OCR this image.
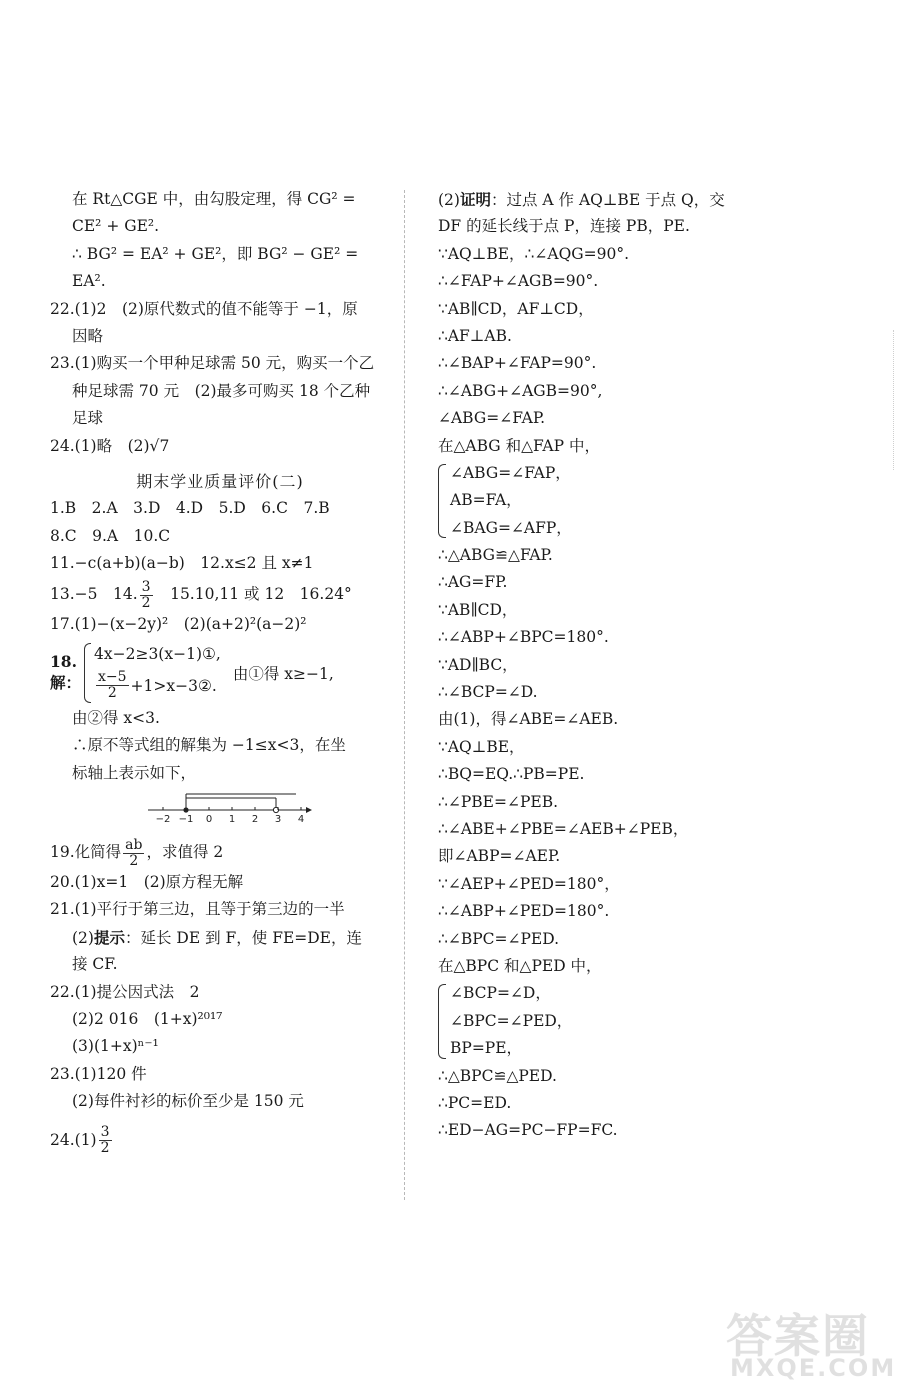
在 Rt△CGE 中，由勾股定理，得 CG² =
CE² + GE².
∴ BG² = EA² + GE²，即 BG² − GE² =
EA².
22.(1)2　(2)原代数式的值不能等于 −1，原
因略
23.(1)购买一个甲种足球需 50 元，购买一个乙
种足球需 70 元　(2)最多可购买 18 个乙种
足球
24.(1)略　(2)√7
期末学业质量评价(二)
1.B　2.A　3.D　4.D　5.D　6.C　7.B
8.C　9.A　10.C
11.−c(a+b)(a−b)　12.x≤2 且 x≠1
13.−5　14. $\frac{3}{2}$ 　15.10,11 或 12　16.24°
17.(1)−(x−2y)²　(2)(a+2)²(a−2)²
18.解：
4x−2≥3(x−1)①,
$\frac{x-5}{2}$ +1>x−3②.
由①得 x≥−1,
由②得 x<3.
∴原不等式组的解集为 −1≤x<3，在坐
标轴上表示如下，
−2 −1 0 1 2 3 4
19.化简得 $\frac{ab}{2}$ ，求值得 2
20.(1)x=1　(2)原方程无解
21.(1)平行于第三边，且等于第三边的一半
(2)提示：延长 DE 到 F，使 FE=DE，连
接 CF.
22.(1)提公因式法　2
(2)2 016　(1+x)²⁰¹⁷
(3)(1+x)ⁿ⁻¹
23.(1)120 件
(2)每件衬衫的标价至少是 150 元
$24.(1) \frac{3}{2}$
(2)证明：过点 A 作 AQ⊥BE 于点 Q，交
DF 的延长线于点 P，连接 PB，PE.
∵AQ⊥BE，∴∠AQG=90°.
∴∠FAP+∠AGB=90°.
∵AB∥CD，AF⊥CD，
∴AF⊥AB.
∴∠BAP+∠FAP=90°.
∴∠ABG+∠AGB=90°,
∠ABG=∠FAP.
在△ABG 和△FAP 中，
∠ABG=∠FAP，
AB=FA，
∠BAG=∠AFP，
∴△ABG≌△FAP.
∴AG=FP.
∵AB∥CD，
∴∠ABP+∠BPC=180°.
∵AD∥BC，
∴∠BCP=∠D.
由(1)，得∠ABE=∠AEB.
∵AQ⊥BE，
∴BQ=EQ.∴PB=PE.
∴∠PBE=∠PEB.
∴∠ABE+∠PBE=∠AEB+∠PEB，
即∠ABP=∠AEP.
∵∠AEP+∠PED=180°，
∴∠ABP+∠PED=180°.
∴∠BPC=∠PED.
在△BPC 和△PED 中，
∠BCP=∠D，
∠BPC=∠PED，
BP=PE，
∴△BPC≌△PED.
∴PC=ED.
∴ED−AG=PC−FP=FC.
答案圈
MXQE.COM
